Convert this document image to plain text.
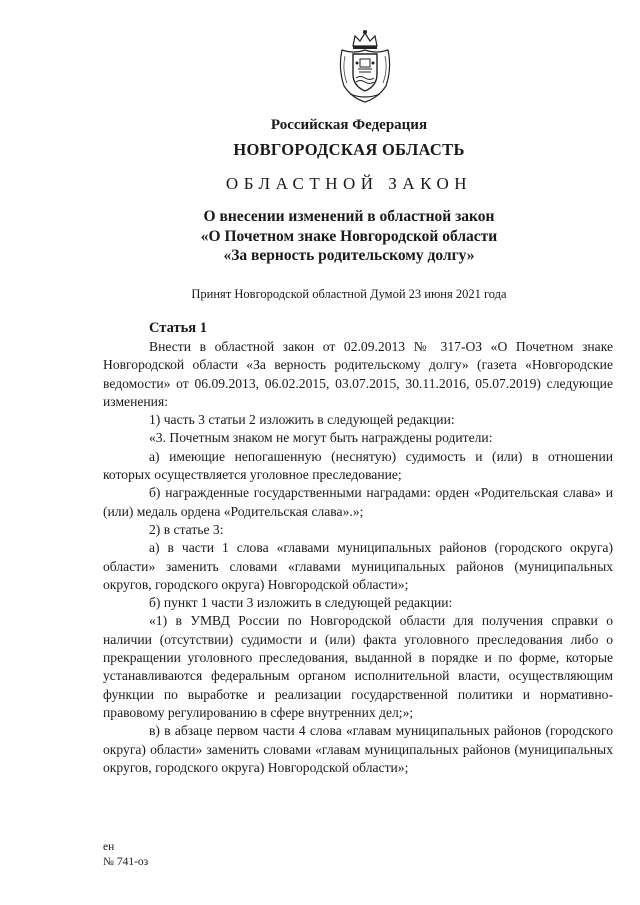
Российская Федерация
НОВГОРОДСКАЯ ОБЛАСТЬ
ОБЛАСТНОЙ ЗАКОН
О внесении изменений в областной закон
«О Почетном знаке Новгородской области
«За верность родительскому долгу»
Принят Новгородской областной Думой 23 июня 2021 года
Статья 1

Внести в областной закон от 02.09.2013 № 317-ОЗ «О Почетном знаке Новгородской области «За верность родительскому долгу» (газета «Новгородские ведомости» от 06.09.2013, 06.02.2015, 03.07.2015, 30.11.2016, 05.07.2019) следующие изменения:

1) часть 3 статьи 2 изложить в следующей редакции:

«3. Почетным знаком не могут быть награждены родители:

а) имеющие непогашенную (неснятую) судимость и (или) в отношении которых осуществляется уголовное преследование;

б) награжденные государственными наградами: орден «Родительская слава» и (или) медаль ордена «Родительская слава».»;

2) в статье 3:

а) в части 1 слова «главами муниципальных районов (городского округа) области» заменить словами «главами муниципальных районов (муниципальных округов, городского округа) Новгородской области»;

б) пункт 1 части 3 изложить в следующей редакции:

«1) в УМВД России по Новгородской области для получения справки о наличии (отсутствии) судимости и (или) факта уголовного преследования либо о прекращении уголовного преследования, выданной в порядке и по форме, которые устанавливаются федеральным органом исполнительной власти, осуществляющим функции по выработке и реализации государственной политики и нормативно-правовому регулированию в сфере внутренних дел;»;

в) в абзаце первом части 4 слова «главам муниципальных районов (городского округа) области» заменить словами «главам муниципальных районов (муниципальных округов, городского округа) Новгородской области»;

ен
№ 741-оз
